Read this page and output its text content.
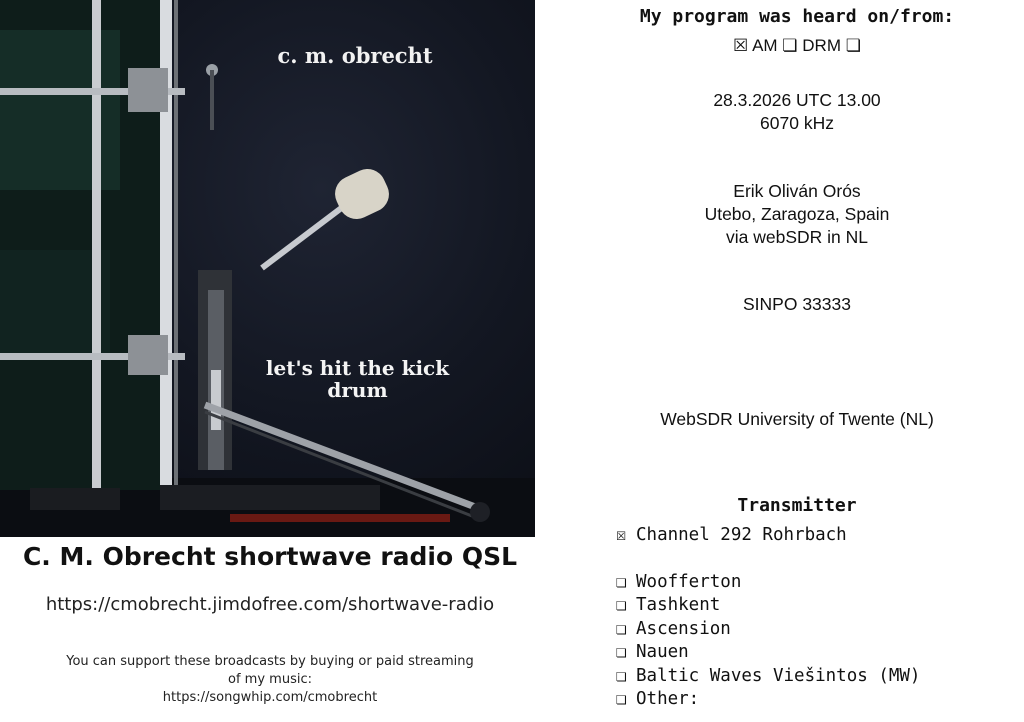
c. m. obrecht
let's hit the kick
drum
C. M. Obrecht shortwave radio QSL
https://cmobrecht.jimdofree.com/shortwave-radio
You can support these broadcasts by buying or paid streaming
of my music:
https://songwhip.com/cmobrecht
My program was heard on/from:
☒ AM ❏ DRM ❏
28.3.2026 UTC 13.00
6070 kHz
Erik Oliván Orós
Utebo, Zaragoza, Spain
via webSDR in NL
SINPO 33333
WebSDR University of Twente (NL)
Transmitter
☒ Channel 292 Rohrbach
❏ Woofferton
❏ Tashkent
❏ Ascension
❏ Nauen
❏ Baltic Waves Viešintos (MW)
❏ Other:
